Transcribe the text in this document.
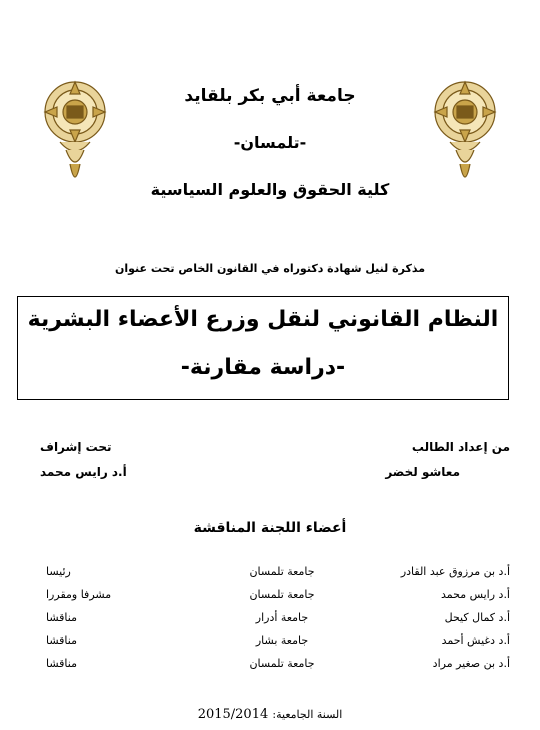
جامعة أبي بكر بلقايد
-تلمسان-
كلية الحقوق والعلوم السياسية
مذكرة لنيل شهادة دكتوراه في القانون الخاص تحت عنوان
النظام القانوني لنقل وزرع الأعضاء البشرية
-دراسة مقارنة-
من إعداد الطالب
معاشو لخضر
تحت إشراف
أ.د رايس محمد
أعضاء اللجنة المناقشة
أ.د بن مرزوق عبد القادر
جامعة تلمسان
رئيسا
أ.د رايس محمد
جامعة تلمسان
مشرفا ومقررا
أ.د كمال كيحل
جامعة أدرار
مناقشا
أ.د دغيش أحمد
جامعة بشار
مناقشا
أ.د بن صغير مراد
جامعة تلمسان
مناقشا
السنة الجامعية: 2015/2014
